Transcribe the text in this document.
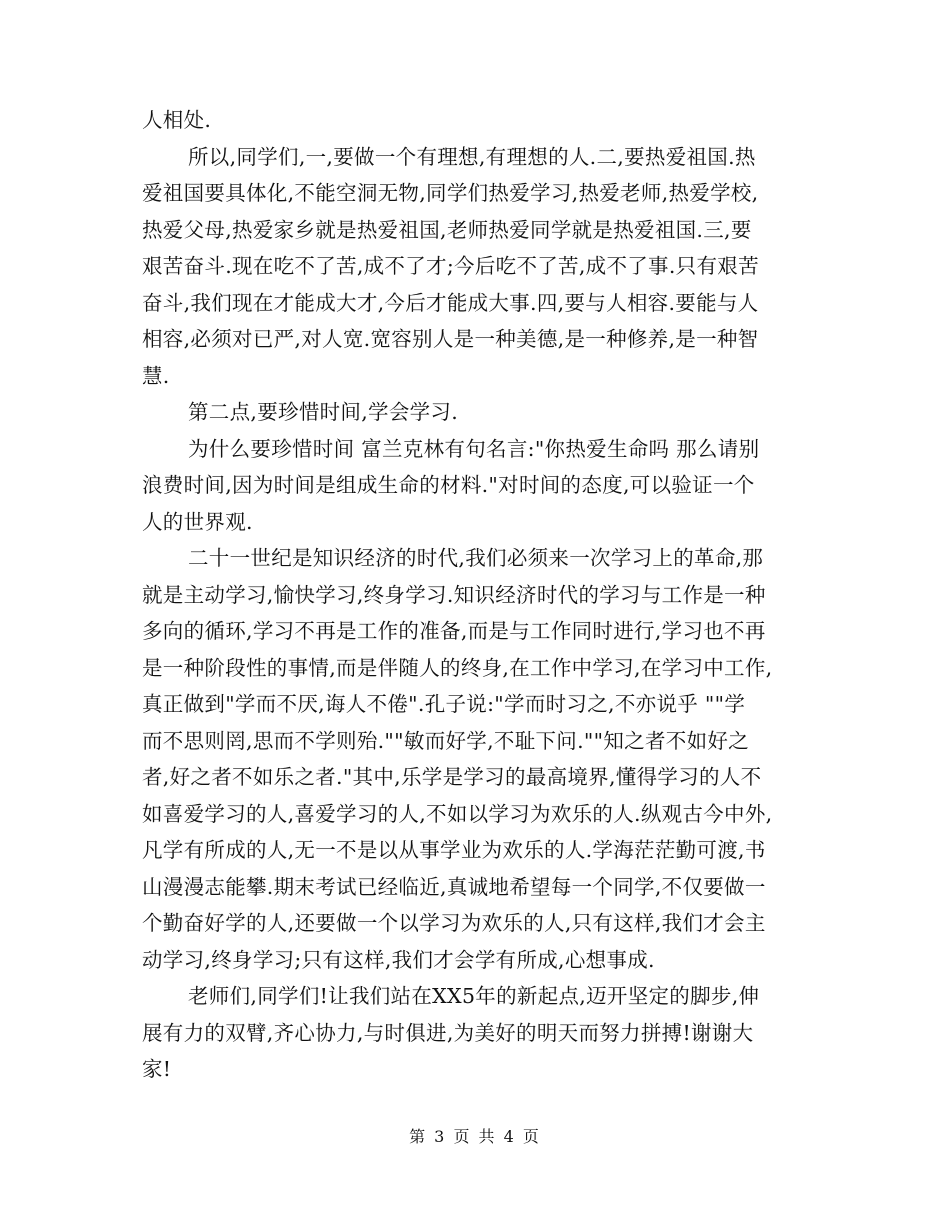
人相处.

所以,同学们,一,要做一个有理想,有理想的人.二,要热爱祖国.热
爱祖国要具体化,不能空洞无物,同学们热爱学习,热爱老师,热爱学校,
热爱父母,热爱家乡就是热爱祖国,老师热爱同学就是热爱祖国.三,要
艰苦奋斗.现在吃不了苦,成不了才;今后吃不了苦,成不了事.只有艰苦
奋斗,我们现在才能成大才,今后才能成大事.四,要与人相容.要能与人
相容,必须对已严,对人宽.宽容别人是一种美德,是一种修养,是一种智
慧.

第二点,要珍惜时间,学会学习.

为什么要珍惜时间 富兰克林有句名言:"你热爱生命吗 那么请别
浪费时间,因为时间是组成生命的材料."对时间的态度,可以验证一个
人的世界观.

二十一世纪是知识经济的时代,我们必须来一次学习上的革命,那
就是主动学习,愉快学习,终身学习.知识经济时代的学习与工作是一种
多向的循环,学习不再是工作的准备,而是与工作同时进行,学习也不再
是一种阶段性的事情,而是伴随人的终身,在工作中学习,在学习中工作,
真正做到"学而不厌,诲人不倦".孔子说:"学而时习之,不亦说乎 ""学
而不思则罔,思而不学则殆.""敏而好学,不耻下问.""知之者不如好之
者,好之者不如乐之者."其中,乐学是学习的最高境界,懂得学习的人不
如喜爱学习的人,喜爱学习的人,不如以学习为欢乐的人.纵观古今中外,
凡学有所成的人,无一不是以从事学业为欢乐的人.学海茫茫勤可渡,书
山漫漫志能攀.期末考试已经临近,真诚地希望每一个同学,不仅要做一
个勤奋好学的人,还要做一个以学习为欢乐的人,只有这样,我们才会主
动学习,终身学习;只有这样,我们才会学有所成,心想事成.

老师们,同学们!让我们站在XX5年的新起点,迈开坚定的脚步,伸
展有力的双臂,齐心协力,与时俱进,为美好的明天而努力拼搏!谢谢大
家!

第 3 页 共 4 页
